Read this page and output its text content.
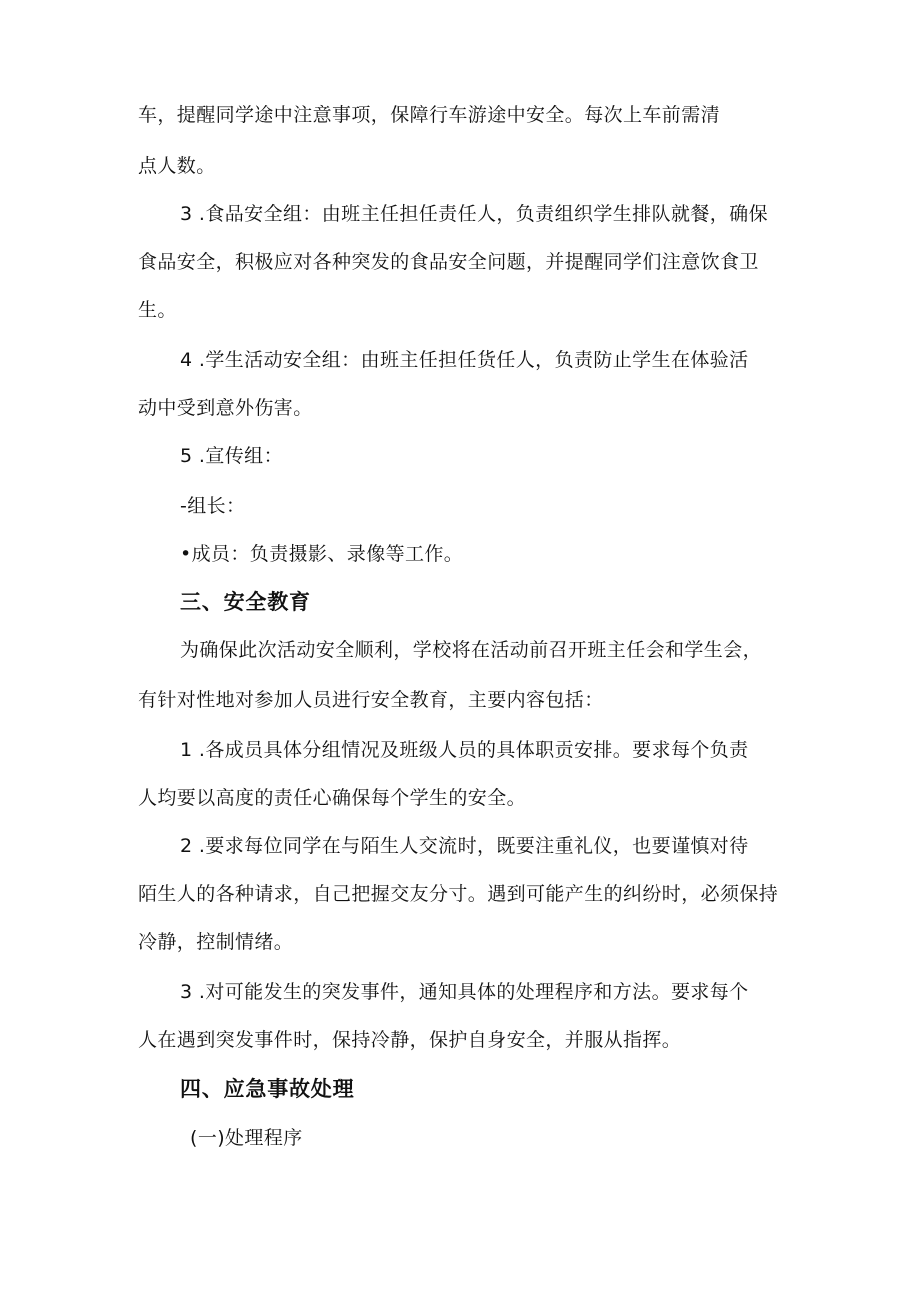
车，提醒同学途中注意事项，保障行车游途中安全。每次上车前需清
点人数。
3 .食品安全组：由班主任担任责任人，负责组织学生排队就餐，确保
食品安全，积极应对各种突发的食品安全问题，并提醒同学们注意饮食卫
生。
4 .学生活动安全组：由班主任担任货任人，负责防止学生在体验活
动中受到意外伤害。
5 .宣传组：
-组长：
•成员：负责摄影、录像等工作。
三、安全教育
为确保此次活动安全顺利，学校将在活动前召开班主任会和学生会，
有针对性地对参加人员进行安全教育，主要内容包括：
1 .各成员具体分组情况及班级人员的具体职贡安排。要求每个负责
人均要以高度的责任心确保每个学生的安全。
2 .要求每位同学在与陌生人交流时，既要注重礼仪，也要谨慎对待
陌生人的各种请求，自己把握交友分寸。遇到可能产生的纠纷时，必须保持
冷静，控制情绪。
3 .对可能发生的突发事件，通知具体的处理程序和方法。要求每个
人在遇到突发事件时，保持冷静，保护自身安全，并服从指挥。
四、应急事故处理
(一)处理程序
